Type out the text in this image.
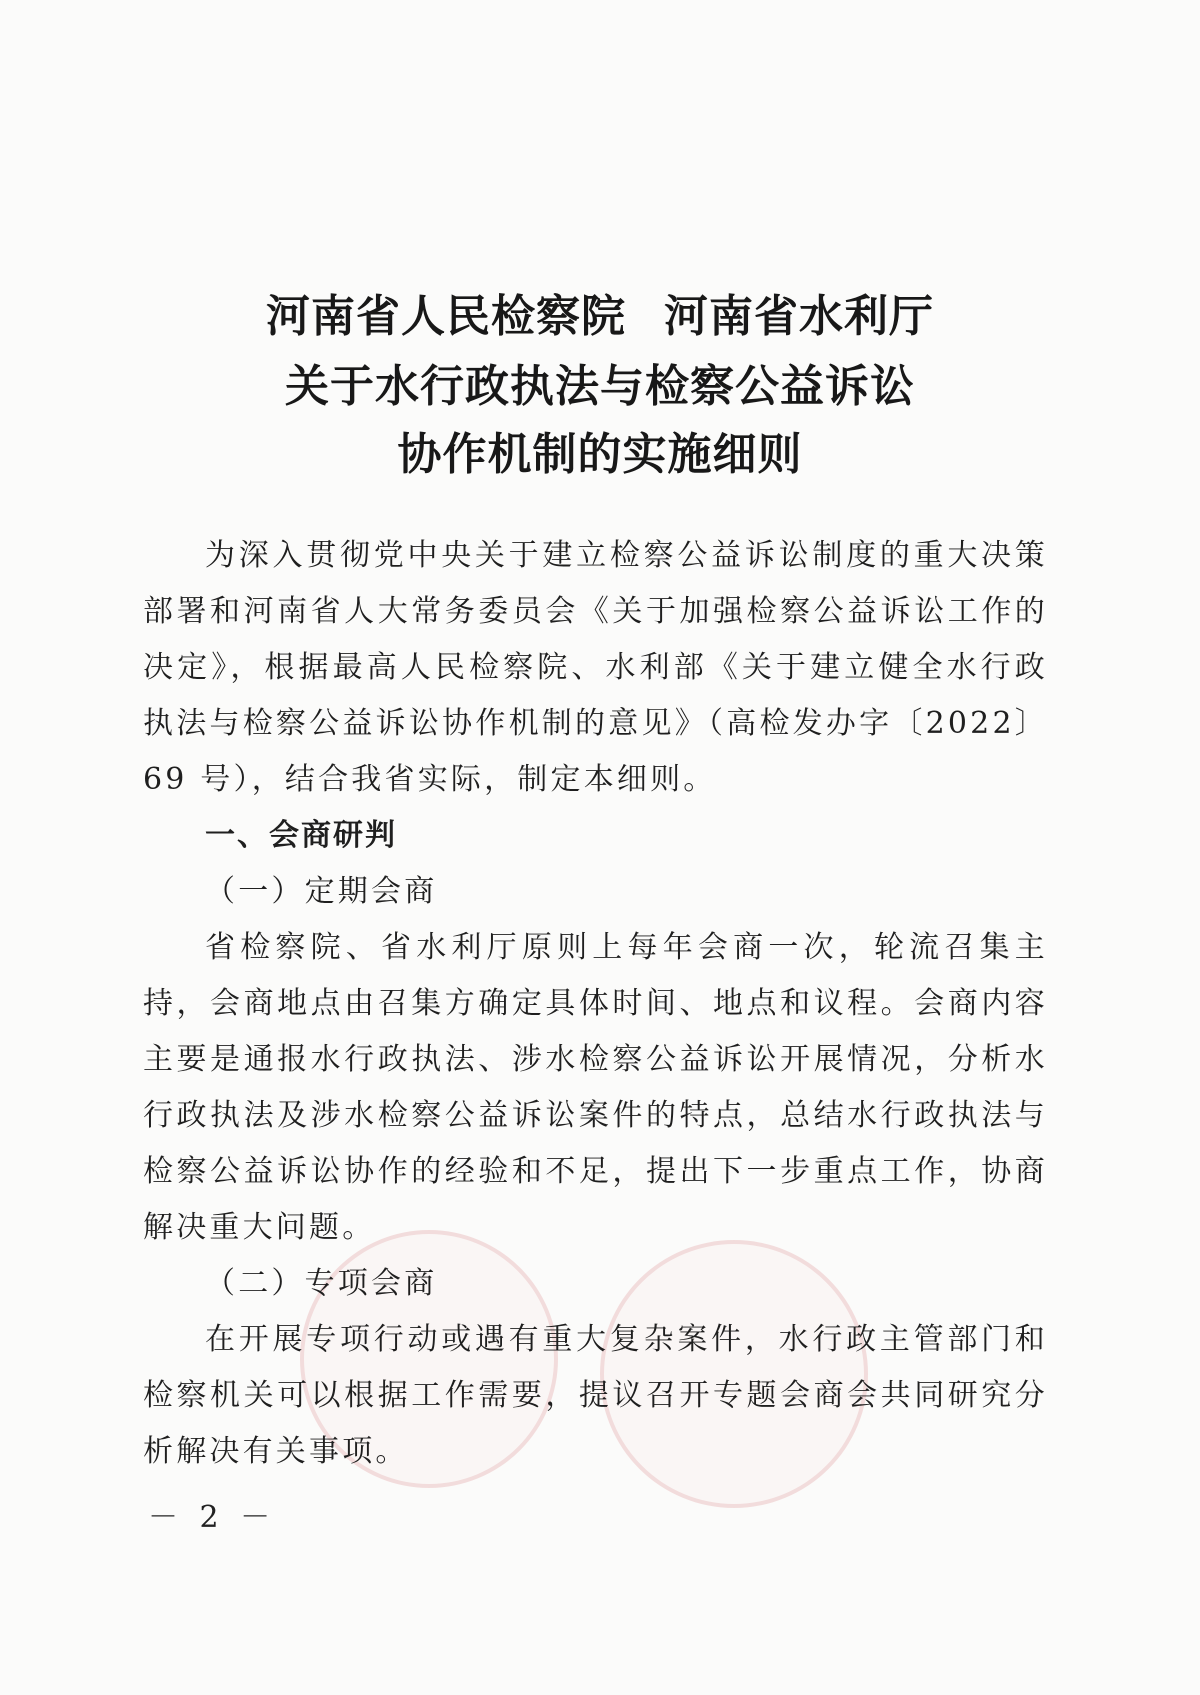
河南省人民检察院 河南省水利厅
关于水行政执法与检察公益诉讼
协作机制的实施细则

为深入贯彻党中央关于建立检察公益诉讼制度的重大决策部署和河南省人大常务委员会《关于加强检察公益诉讼工作的决定》，根据最高人民检察院、水利部《关于建立健全水行政执法与检察公益诉讼协作机制的意见》（高检发办字〔2022〕69 号），结合我省实际，制定本细则。

一、会商研判

（一）定期会商

省检察院、省水利厅原则上每年会商一次，轮流召集主持，会商地点由召集方确定具体时间、地点和议程。会商内容主要是通报水行政执法、涉水检察公益诉讼开展情况，分析水行政执法及涉水检察公益诉讼案件的特点，总结水行政执法与检察公益诉讼协作的经验和不足，提出下一步重点工作，协商解决重大问题。

（二）专项会商

在开展专项行动或遇有重大复杂案件，水行政主管部门和检察机关可以根据工作需要，提议召开专题会商会共同研究分析解决有关事项。

－ 2 －
